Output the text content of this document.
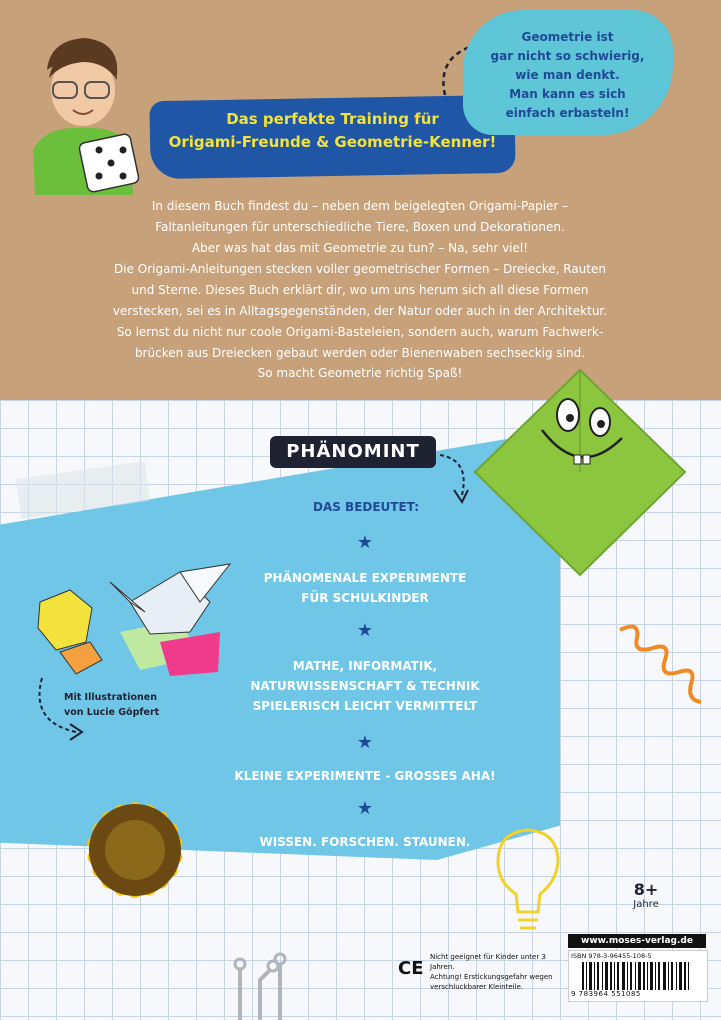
Das perfekte Training für
Origami-Freunde & Geometrie-Kenner!
Geometrie ist
gar nicht so schwierig,
wie man denkt.
Man kann es sich
einfach erbasteln!
In diesem Buch findest du – neben dem beigelegten Origami-Papier –
Faltanleitungen für unterschiedliche Tiere, Boxen und Dekorationen.
Aber was hat das mit Geometrie zu tun? – Na, sehr viel!
Die Origami-Anleitungen stecken voller geometrischer Formen – Dreiecke, Rauten
und Sterne. Dieses Buch erklärt dir, wo um uns herum sich all diese Formen
verstecken, sei es in Alltagsgegenständen, der Natur oder auch in der Architektur.
So lernst du nicht nur coole Origami-Basteleien, sondern auch, warum Fachwerk-
brücken aus Dreiecken gebaut werden oder Bienenwaben sechseckig sind.
So macht Geometrie richtig Spaß!
PHÄNOMINT
DAS BEDEUTET:
★
PHÄNOMENALE EXPERIMENTE
FÜR SCHULKINDER
★
MATHE, INFORMATIK,
NATURWISSENSCHAFT & TECHNIK
SPIELERISCH LEICHT VERMITTELT
★
KLEINE EXPERIMENTE - GROSSES AHA!
★
WISSEN. FORSCHEN. STAUNEN.
Mit Illustrationen
von Lucie Göpfert
8+
Jahre
www.moses-verlag.de
ISBN 978-3-96455-108-5
9 783964 551085
Nicht geeignet für Kinder unter 3 Jahren.
Achtung! Erstickungsgefahr wegen
verschluckbarer Kleinteile.
CE
